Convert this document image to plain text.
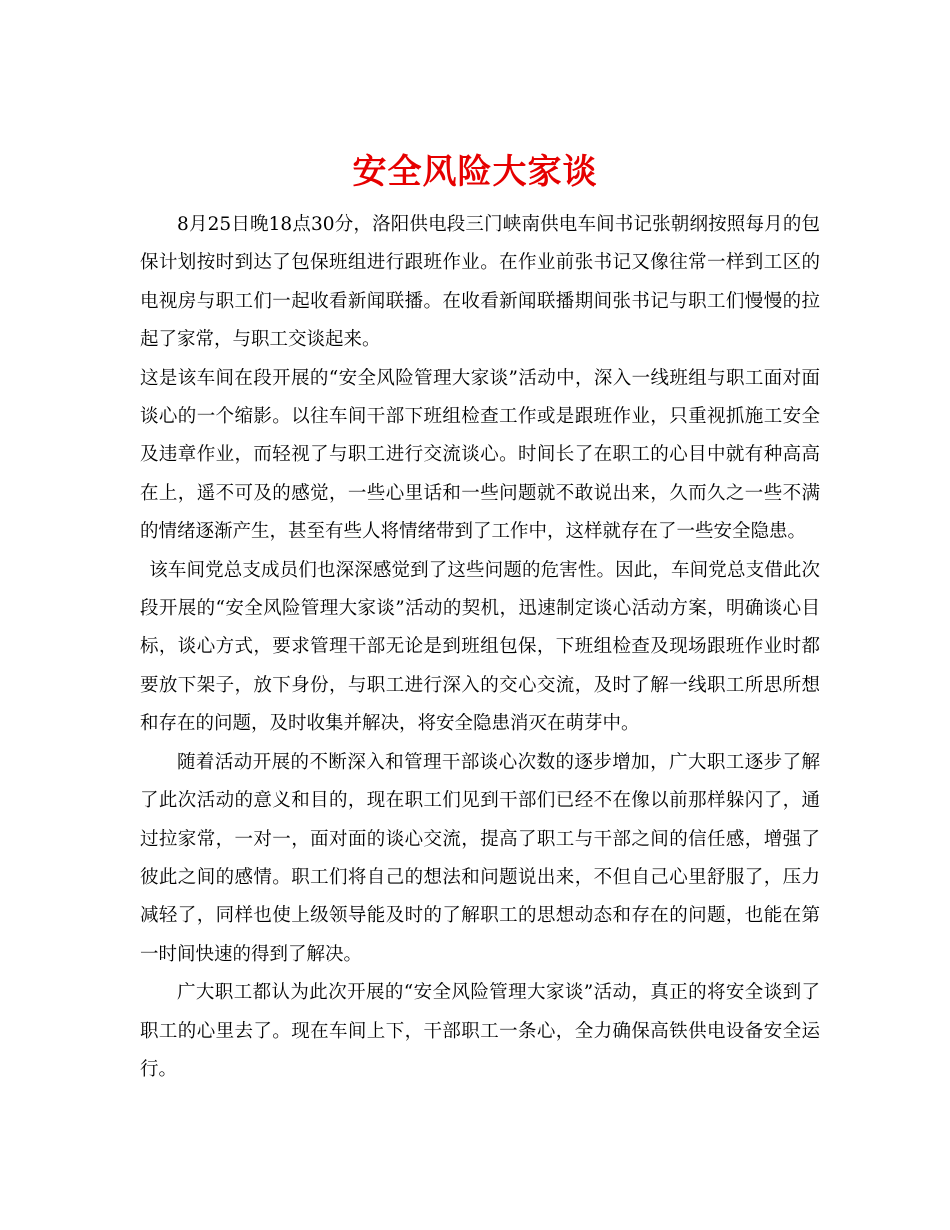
安全风险大家谈

8月25日晚18点30分，洛阳供电段三门峡南供电车间书记张朝纲按照每月的包保计划按时到达了包保班组进行跟班作业。在作业前张书记又像往常一样到工区的电视房与职工们一起收看新闻联播。在收看新闻联播期间张书记与职工们慢慢的拉起了家常，与职工交谈起来。

这是该车间在段开展的“安全风险管理大家谈”活动中，深入一线班组与职工面对面谈心的一个缩影。以往车间干部下班组检查工作或是跟班作业，只重视抓施工安全及违章作业，而轻视了与职工进行交流谈心。时间长了在职工的心目中就有种高高在上，遥不可及的感觉，一些心里话和一些问题就不敢说出来，久而久之一些不满的情绪逐渐产生，甚至有些人将情绪带到了工作中，这样就存在了一些安全隐患。

该车间党总支成员们也深深感觉到了这些问题的危害性。因此，车间党总支借此次段开展的“安全风险管理大家谈”活动的契机，迅速制定谈心活动方案，明确谈心目标，谈心方式，要求管理干部无论是到班组包保，下班组检查及现场跟班作业时都要放下架子，放下身份，与职工进行深入的交心交流，及时了解一线职工所思所想和存在的问题，及时收集并解决，将安全隐患消灭在萌芽中。

随着活动开展的不断深入和管理干部谈心次数的逐步增加，广大职工逐步了解了此次活动的意义和目的，现在职工们见到干部们已经不在像以前那样躲闪了，通过拉家常，一对一，面对面的谈心交流，提高了职工与干部之间的信任感，增强了彼此之间的感情。职工们将自己的想法和问题说出来，不但自己心里舒服了，压力减轻了，同样也使上级领导能及时的了解职工的思想动态和存在的问题，也能在第一时间快速的得到了解决。

广大职工都认为此次开展的“安全风险管理大家谈”活动，真正的将安全谈到了职工的心里去了。现在车间上下，干部职工一条心，全力确保高铁供电设备安全运行。
